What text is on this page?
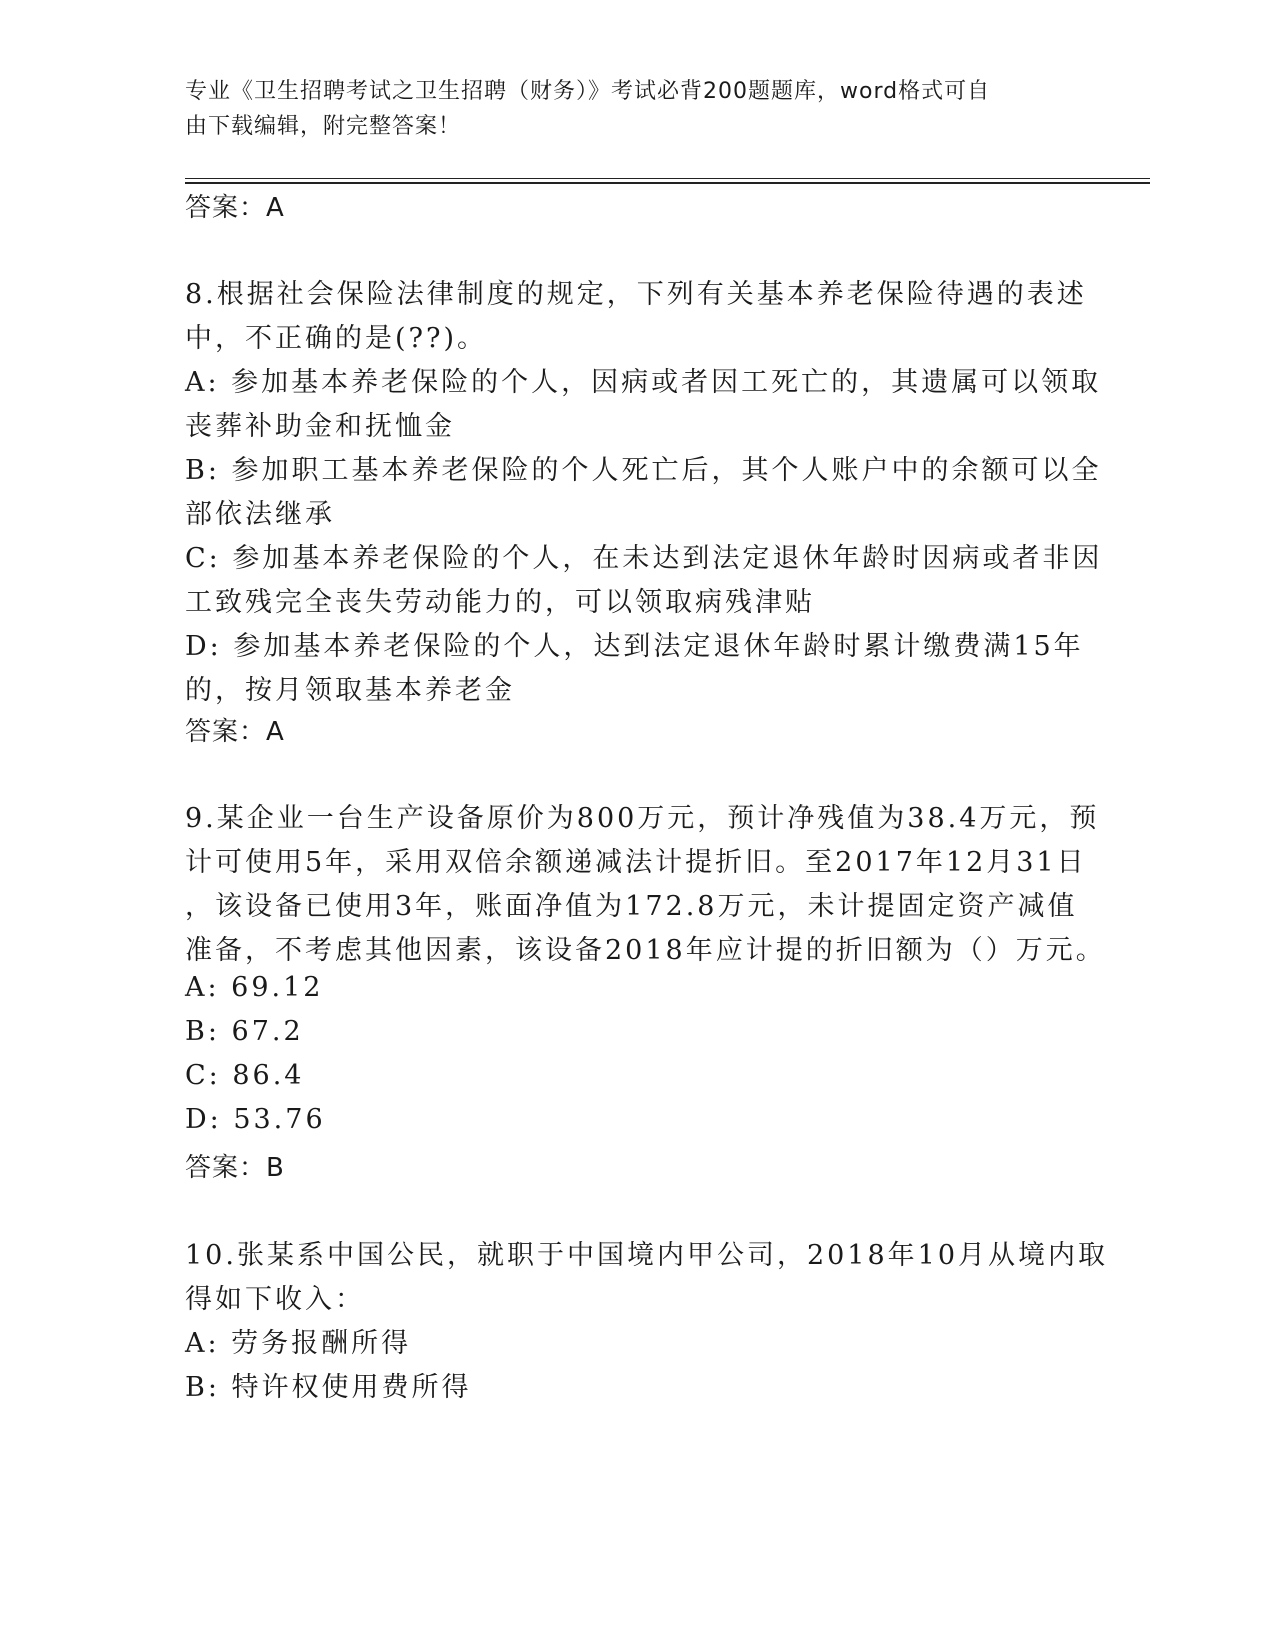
专业《卫生招聘考试之卫生招聘（财务）》考试必背200题题库，word格式可自
由下载编辑，附完整答案！
答案：A
8.根据社会保险法律制度的规定，下列有关基本养老保险待遇的表述
中，不正确的是(??)。
A: 参加基本养老保险的个人，因病或者因工死亡的，其遗属可以领取
丧葬补助金和抚恤金
B: 参加职工基本养老保险的个人死亡后，其个人账户中的余额可以全
部依法继承
C: 参加基本养老保险的个人，在未达到法定退休年龄时因病或者非因
工致残完全丧失劳动能力的，可以领取病残津贴
D: 参加基本养老保险的个人，达到法定退休年龄时累计缴费满15年
的，按月领取基本养老金
答案：A
9.某企业一台生产设备原价为800万元，预计净残值为38.4万元，预
计可使用5年，采用双倍余额递减法计提折旧。至2017年12月31日
，该设备已使用3年，账面净值为172.8万元，未计提固定资产减值
准备，不考虑其他因素，该设备2018年应计提的折旧额为（）万元。
A: 69.12
B: 67.2
C: 86.4
D: 53.76
答案：B
10.张某系中国公民，就职于中国境内甲公司，2018年10月从境内取
得如下收入：
A: 劳务报酬所得
B: 特许权使用费所得
